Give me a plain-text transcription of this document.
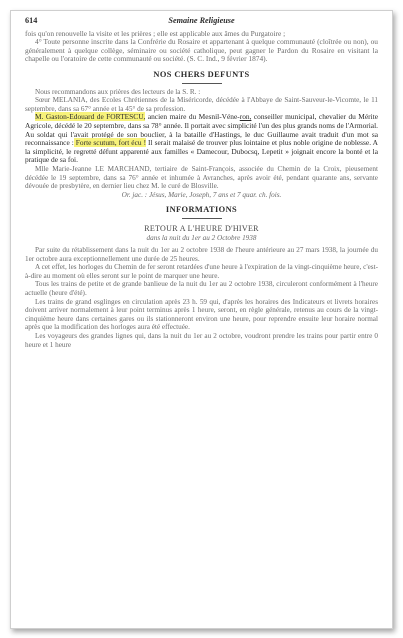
614	Semaine Religieuse

fois qu'on renouvelle la visite et les prières ; elle est applicable aux âmes du Purgatoire ;

4° Toute personne inscrite dans la Confrérie du Rosaire et appartenant à quelque communauté (cloîtrée ou non), ou généralement à quelque collège, séminaire ou société catholique, peut gagner le Pardon du Rosaire en visitant la chapelle ou l'oratoire de cette communauté ou société. (S. C. Ind., 9 février 1874).

NOS CHERS DEFUNTS

Nous recommandons aux prières des lecteurs de la S. R. :

Sœur MELANIA, des Ecoles Chrétiennes de la Miséricorde, décédée à l'Abbaye de Saint-Sauveur-le-Vicomte, le 11 septembre, dans sa 67° année et la 45° de sa profession.

M. Gaston-Edouard de FORTESCU, ancien maire du Mesnil-Véne-ron, conseiller municipal, chevalier du Mérite Agricole, décédé le 20 septembre, dans sa 78° année. Il portait avec simplicité l'un des plus grands noms de l'Armorial. Au soldat qui l'avait protégé de son bouclier, à la bataille d'Hastings, le duc Guillaume avait traduit d'un mot sa reconnaissance : Forte scutum, fort écu ! Il serait malaisé de trouver plus lointaine et plus noble origine de noblesse. A la simplicité, le regretté défunt apparenté aux familles « Damecour, Dubocsq, Lepetit » joignait encore la bonté et la pratique de sa foi.

Mlle Marie-Jeanne LE MARCHAND, tertiaire de Saint-François, associée du Chemin de la Croix, pieusement décédée le 19 septembre, dans sa 76° année et inhumée à Avranches, après avoir été, pendant quarante ans, servante dévouée de presbytère, en dernier lieu chez M. le curé de Blosville.

Or. jac. : Jésus, Marie, Joseph, 7 ans et 7 quar. ch. fois.

INFORMATIONS
RETOUR A L'HEURE D'HIVER

dans la nuit du 1er au 2 Octobre 1938

Par suite du rétablissement dans la nuit du 1er au 2 octobre 1938 de l'heure antérieure au 27 mars 1938, la journée du 1er octobre aura exceptionnellement une durée de 25 heures.

A cet effet, les horloges du Chemin de fer seront retardées d'une heure à l'expiration de la vingt-cinquième heure, c'est-à-dire au moment où elles seront sur le point de marquer une heure.

Tous les trains de petite et de grande banlieue de la nuit du 1er au 2 octobre 1938, circuleront conformément à l'heure actuelle (heure d'été).

Les trains de grand esglinges en circulation après 23 h. 59 qui, d'après les horaires des Indicateurs et livrets horaires doivent arriver normalement à leur point terminus après 1 heure, seront, en règle générale, retenus au cours de la vingt-cinquième heure dans certaines gares ou ils stationneront environ une heure, pour reprendre ensuite leur horaire normal après que la modification des horloges aura été effectuée.

Les voyageurs des grandes lignes qui, dans la nuit du 1er au 2 octobre, voudront prendre les trains pour partir entre 0 heure et 1 heure
